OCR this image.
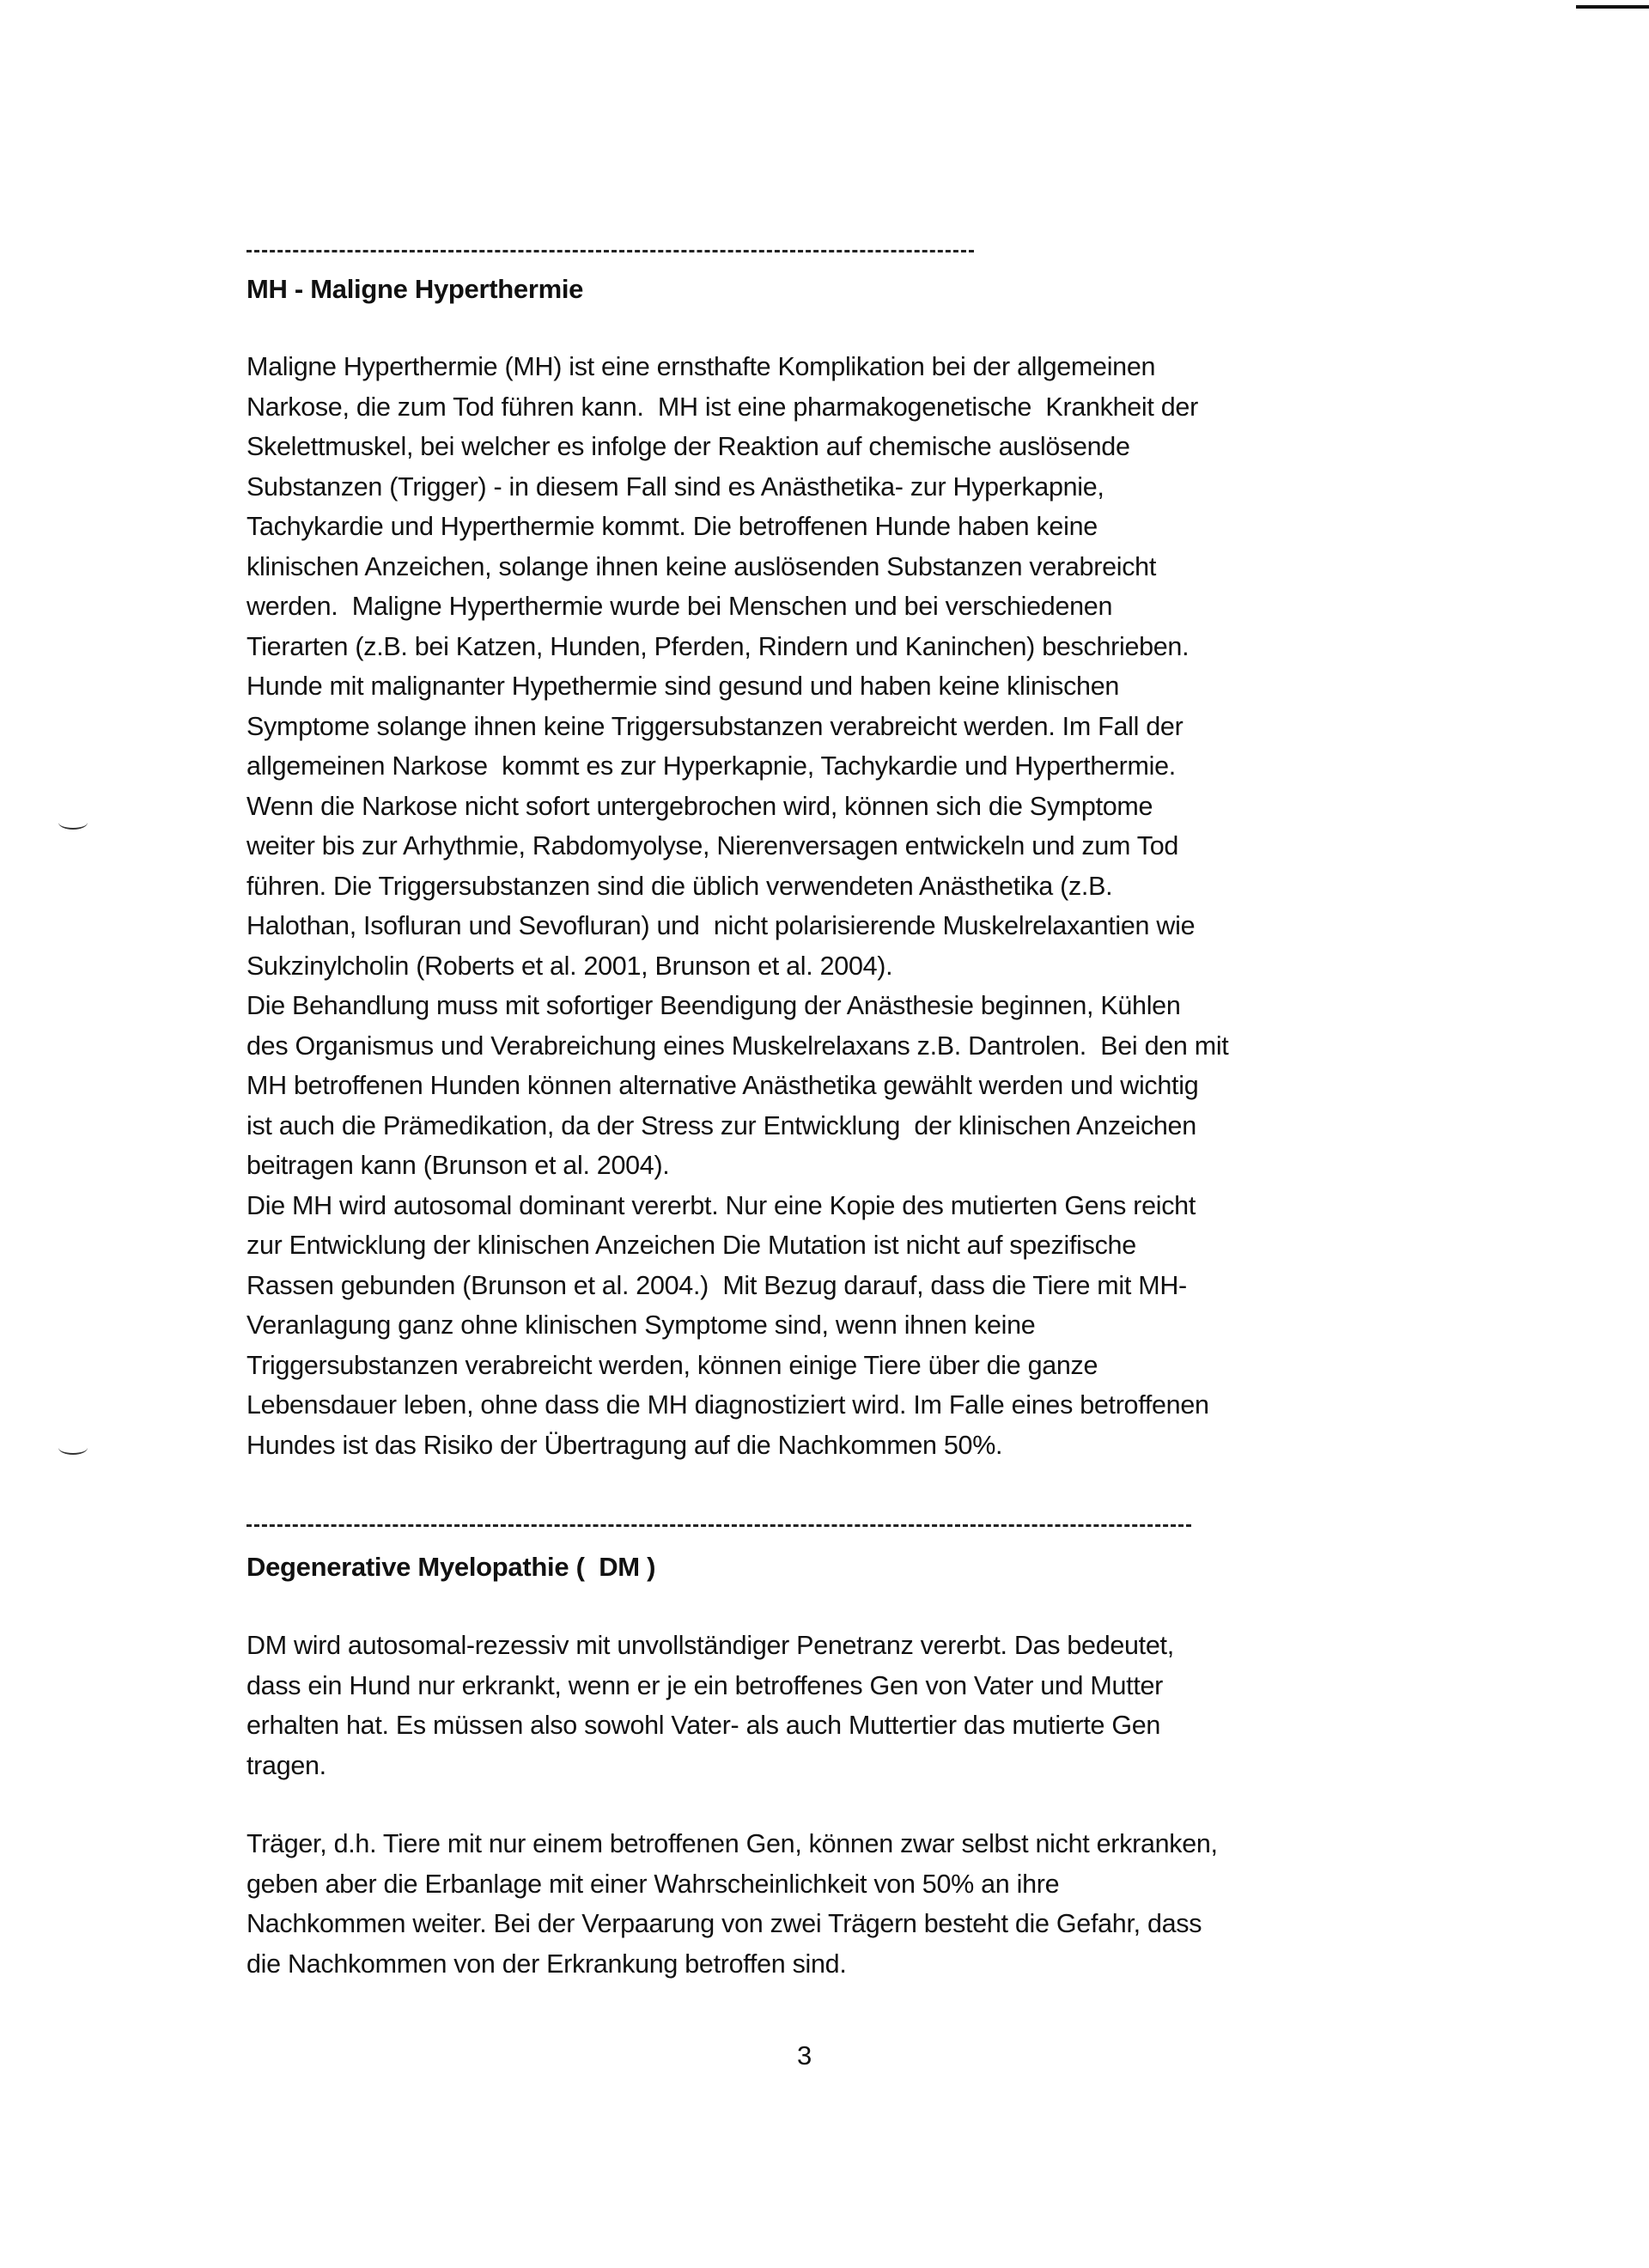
MH - Maligne Hyperthermie
Maligne Hyperthermie (MH) ist eine ernsthafte Komplikation bei der allgemeinen
Narkose, die zum Tod führen kann.  MH ist eine pharmakogenetische  Krankheit der
Skelettmuskel, bei welcher es infolge der Reaktion auf chemische auslösende
Substanzen (Trigger) - in diesem Fall sind es Anästhetika- zur Hyperkapnie,
Tachykardie und Hyperthermie kommt. Die betroffenen Hunde haben keine
klinischen Anzeichen, solange ihnen keine auslösenden Substanzen verabreicht
werden.  Maligne Hyperthermie wurde bei Menschen und bei verschiedenen
Tierarten (z.B. bei Katzen, Hunden, Pferden, Rindern und Kaninchen) beschrieben.
Hunde mit malignanter Hypethermie sind gesund und haben keine klinischen
Symptome solange ihnen keine Triggersubstanzen verabreicht werden. Im Fall der
allgemeinen Narkose  kommt es zur Hyperkapnie, Tachykardie und Hyperthermie.
Wenn die Narkose nicht sofort untergebrochen wird, können sich die Symptome
weiter bis zur Arhythmie, Rabdomyolyse, Nierenversagen entwickeln und zum Tod
führen. Die Triggersubstanzen sind die üblich verwendeten Anästhetika (z.B.
Halothan, Isofluran und Sevofluran) und  nicht polarisierende Muskelrelaxantien wie
Sukzinylcholin (Roberts et al. 2001, Brunson et al. 2004).
Die Behandlung muss mit sofortiger Beendigung der Anästhesie beginnen, Kühlen
des Organismus und Verabreichung eines Muskelrelaxans z.B. Dantrolen.  Bei den mit
MH betroffenen Hunden können alternative Anästhetika gewählt werden und wichtig
ist auch die Prämedikation, da der Stress zur Entwicklung  der klinischen Anzeichen
beitragen kann (Brunson et al. 2004).
Die MH wird autosomal dominant vererbt. Nur eine Kopie des mutierten Gens reicht
zur Entwicklung der klinischen Anzeichen Die Mutation ist nicht auf spezifische
Rassen gebunden (Brunson et al. 2004.)  Mit Bezug darauf, dass die Tiere mit MH-
Veranlagung ganz ohne klinischen Symptome sind, wenn ihnen keine
Triggersubstanzen verabreicht werden, können einige Tiere über die ganze
Lebensdauer leben, ohne dass die MH diagnostiziert wird. Im Falle eines betroffenen
Hundes ist das Risiko der Übertragung auf die Nachkommen 50%.
Degenerative Myelopathie (  DM )
DM wird autosomal-rezessiv mit unvollständiger Penetranz vererbt. Das bedeutet,
dass ein Hund nur erkrankt, wenn er je ein betroffenes Gen von Vater und Mutter
erhalten hat. Es müssen also sowohl Vater- als auch Muttertier das mutierte Gen
tragen.
Träger, d.h. Tiere mit nur einem betroffenen Gen, können zwar selbst nicht erkranken,
geben aber die Erbanlage mit einer Wahrscheinlichkeit von 50% an ihre
Nachkommen weiter. Bei der Verpaarung von zwei Trägern besteht die Gefahr, dass
die Nachkommen von der Erkrankung betroffen sind.
3
